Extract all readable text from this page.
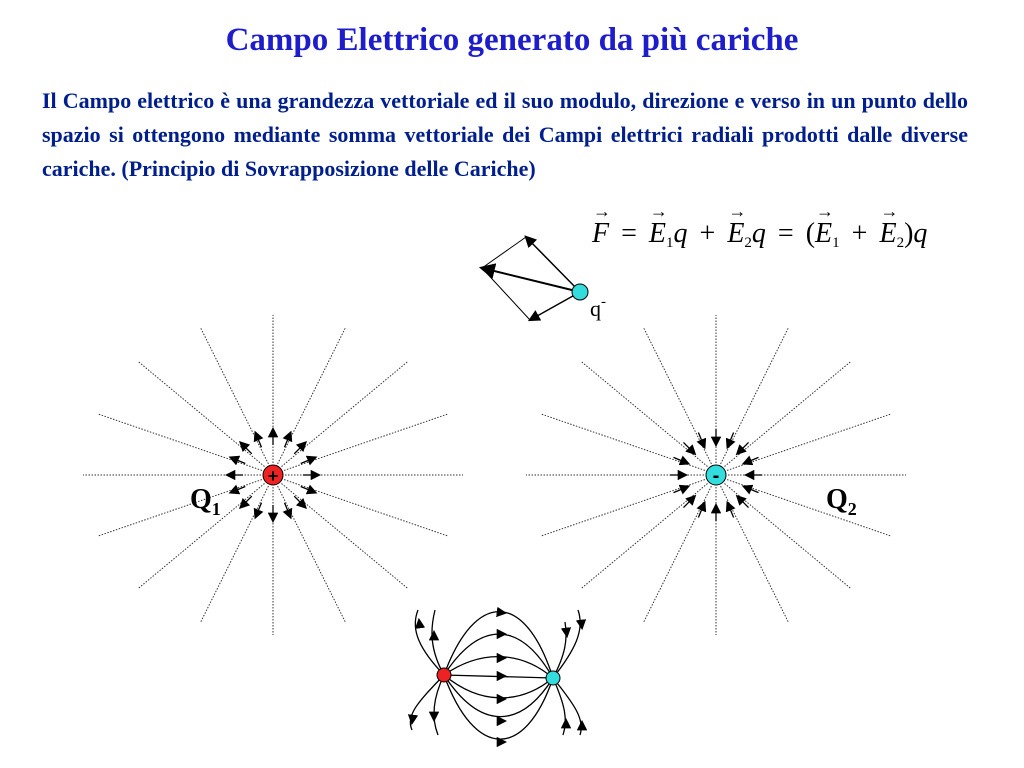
Campo Elettrico generato da più cariche

Il Campo elettrico è una grandezza vettoriale ed il suo modulo, direzione e verso in un punto dello spazio si ottengono mediante somma vettoriale dei Campi elettrici radiali prodotti dalle diverse cariche. (Principio di Sovrapposizione delle Cariche)

→ F = → $E_1q$ + → $E_2q$ = (→ $E_1$ + → $E_2)q$
q-
+	-
$Q_1$	$Q_2$
